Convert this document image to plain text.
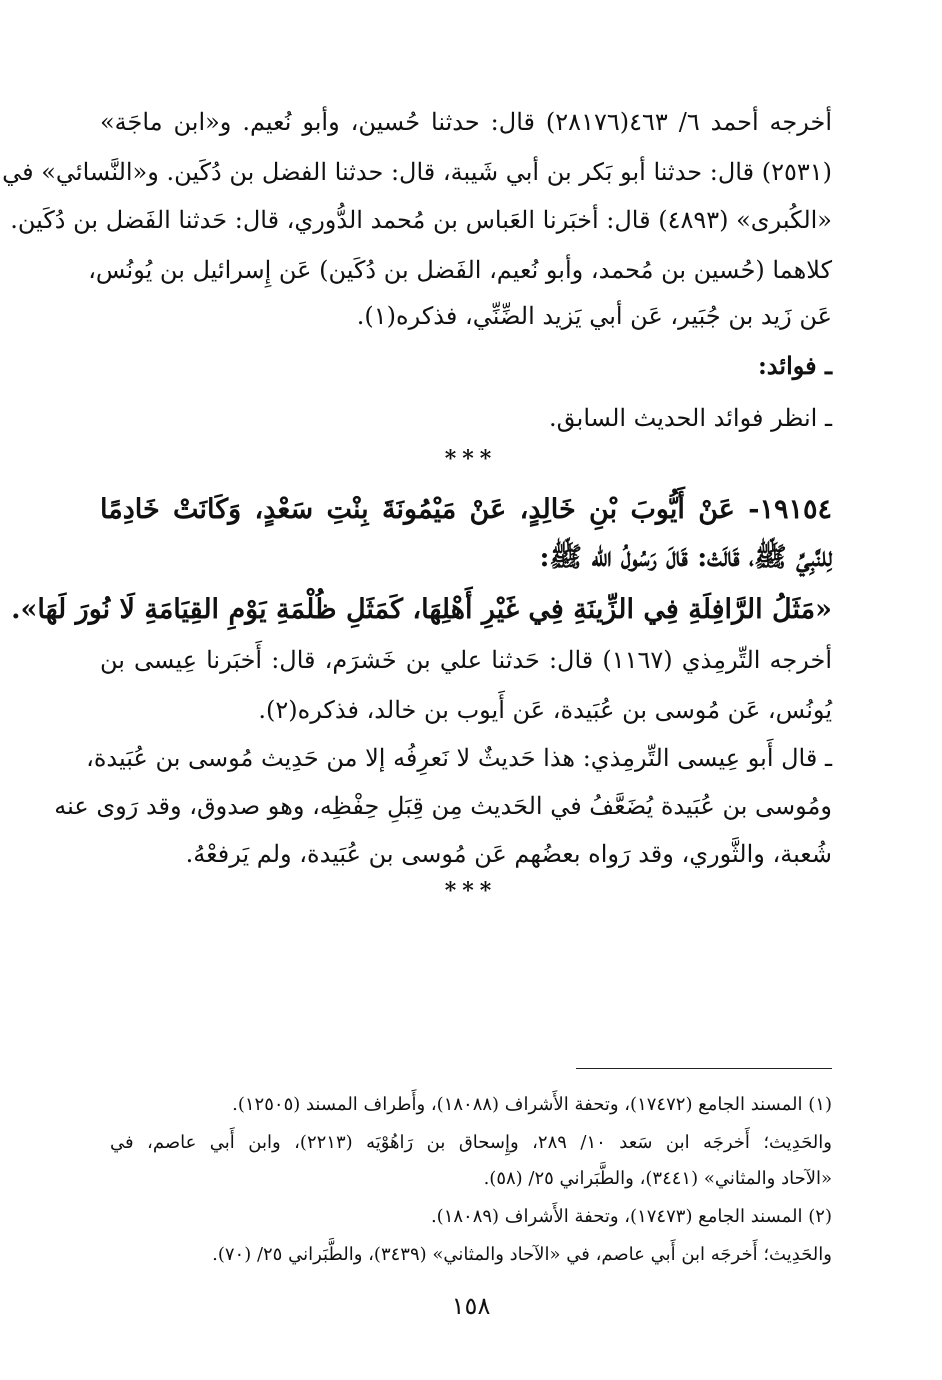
أخرجه أحمد ٦/ ٤٦٣(٢٨١٧٦) قال: حدثنا حُسين، وأبو نُعيم. و«ابن ماجَة»
(٢٥٣١) قال: حدثنا أبو بَكر بن أبي شَيبة، قال: حدثنا الفضل بن دُكَين. و«النَّسائي» في
«الكُبرى» (٤٨٩٣) قال: أخبَرنا العَباس بن مُحمد الدُّوري، قال: حَدثنا الفَضل بن دُكَين.
كلاهما (حُسين بن مُحمد، وأبو نُعيم، الفَضل بن دُكَين) عَن إِسرائيل بن يُونُس،
عَن زَيد بن جُبَير، عَن أبي يَزيد الضِّنِّي، فذكره(١).
ـ فوائد:
ـ انظر فوائد الحديث السابق.
***
١٩١٥٤- عَنْ أَيُّوبَ بْنِ خَالِدٍ، عَنْ مَيْمُونَةَ بِنْتِ سَعْدٍ، وَكَانَتْ خَادِمًا
لِلنَّبِيِّ ﷺ، قَالَتْ: قَالَ رَسُولُ الله ﷺ:
«مَثَلُ الرَّافِلَةِ فِي الزِّينَةِ فِي غَيْرِ أَهْلِهَا، كَمَثَلِ ظُلْمَةِ يَوْمِ القِيَامَةِ لَا نُورَ لَهَا».
أخرجه التِّرمِذي (١١٦٧) قال: حَدثنا علي بن خَشرَم، قال: أَخبَرنا عِيسى بن
يُونُس، عَن مُوسى بن عُبَيدة، عَن أَيوب بن خالد، فذكره(٢).
ـ قال أَبو عِيسى التِّرمِذي: هذا حَديثٌ لا نَعرِفُه إلا من حَدِيث مُوسى بن عُبَيدة،
ومُوسى بن عُبَيدة يُضَعَّفُ في الحَديث مِن قِبَلِ حِفْظِه، وهو صدوق، وقد رَوى عنه
شُعبة، والثَّوري، وقد رَواه بعضُهم عَن مُوسى بن عُبَيدة، ولم يَرفعْهُ.
***
(١) المسند الجامع (١٧٤٧٢)، وتحفة الأَشراف (١٨٠٨٨)، وأَطراف المسند (١٢٥٠٥).
والحَدِيث؛ أَخرجَه ابن سَعد ١٠/ ٢٨٩، وإِسحاق بن رَاهُوْيَه (٢٢١٣)، وابن أَبي عاصم، في
«الآحاد والمثاني» (٣٤٤١)، والطَّبَراني ٢٥/ (٥٨).
(٢) المسند الجامع (١٧٤٧٣)، وتحفة الأَشراف (١٨٠٨٩).
والحَدِيث؛ أَخرجَه ابن أَبي عاصم، في «الآحاد والمثاني» (٣٤٣٩)، والطَّبَراني ٢٥/ (٧٠).
١٥٨
